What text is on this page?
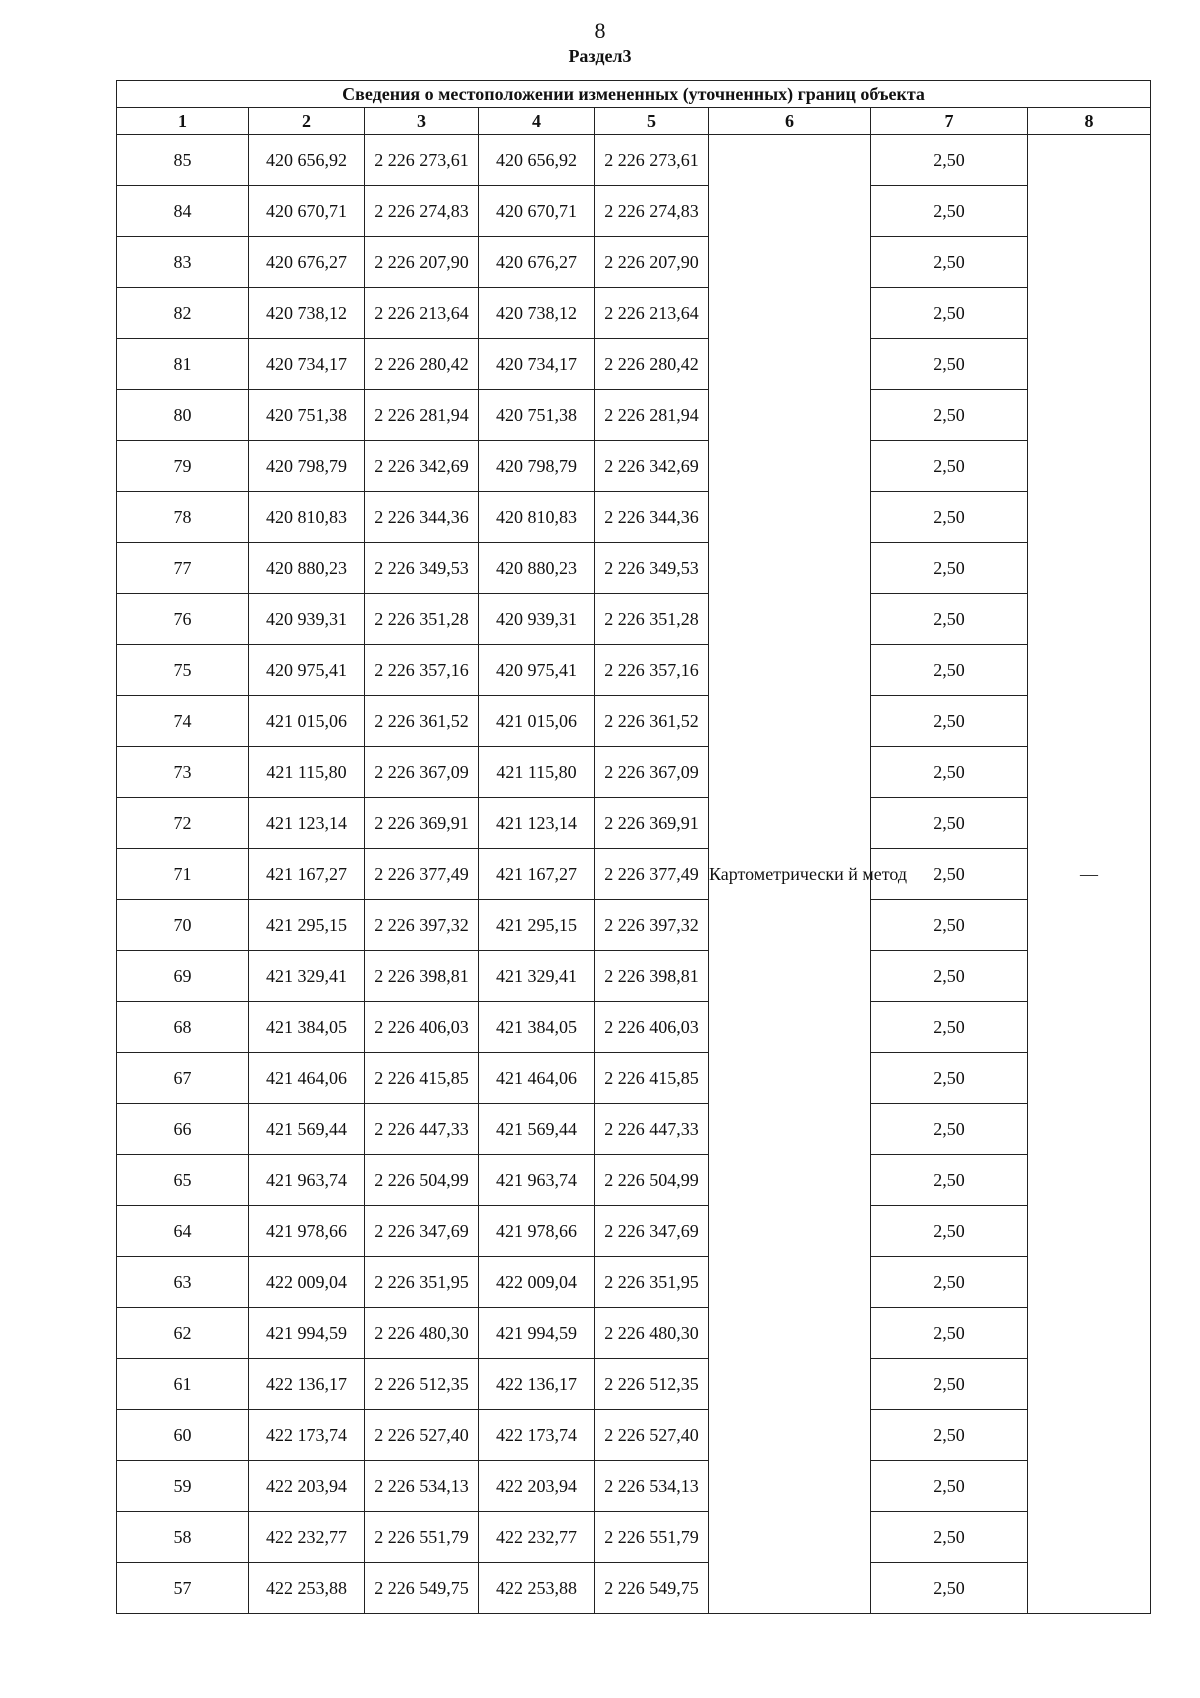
8
Раздел3
Сведения о местоположении измененных (уточненных) границ объекта							
1	2	3	4	5	6	7	8
85	420 656,92	2 226 273,61	420 656,92	2 226 273,61	Картометрически й метод	2,50	—
84	420 670,71	2 226 274,83	420 670,71	2 226 274,83		2,50	
83	420 676,27	2 226 207,90	420 676,27	2 226 207,90		2,50	
82	420 738,12	2 226 213,64	420 738,12	2 226 213,64		2,50	
81	420 734,17	2 226 280,42	420 734,17	2 226 280,42		2,50	
80	420 751,38	2 226 281,94	420 751,38	2 226 281,94		2,50	
79	420 798,79	2 226 342,69	420 798,79	2 226 342,69		2,50	
78	420 810,83	2 226 344,36	420 810,83	2 226 344,36		2,50	
77	420 880,23	2 226 349,53	420 880,23	2 226 349,53		2,50	
76	420 939,31	2 226 351,28	420 939,31	2 226 351,28		2,50	
75	420 975,41	2 226 357,16	420 975,41	2 226 357,16		2,50	
74	421 015,06	2 226 361,52	421 015,06	2 226 361,52		2,50	
73	421 115,80	2 226 367,09	421 115,80	2 226 367,09		2,50	
72	421 123,14	2 226 369,91	421 123,14	2 226 369,91		2,50	
71	421 167,27	2 226 377,49	421 167,27	2 226 377,49		2,50	
70	421 295,15	2 226 397,32	421 295,15	2 226 397,32		2,50	
69	421 329,41	2 226 398,81	421 329,41	2 226 398,81		2,50	
68	421 384,05	2 226 406,03	421 384,05	2 226 406,03		2,50	
67	421 464,06	2 226 415,85	421 464,06	2 226 415,85		2,50	
66	421 569,44	2 226 447,33	421 569,44	2 226 447,33		2,50	
65	421 963,74	2 226 504,99	421 963,74	2 226 504,99		2,50	
64	421 978,66	2 226 347,69	421 978,66	2 226 347,69		2,50	
63	422 009,04	2 226 351,95	422 009,04	2 226 351,95		2,50	
62	421 994,59	2 226 480,30	421 994,59	2 226 480,30		2,50	
61	422 136,17	2 226 512,35	422 136,17	2 226 512,35		2,50	
60	422 173,74	2 226 527,40	422 173,74	2 226 527,40		2,50	
59	422 203,94	2 226 534,13	422 203,94	2 226 534,13		2,50	
58	422 232,77	2 226 551,79	422 232,77	2 226 551,79		2,50	
57	422 253,88	2 226 549,75	422 253,88	2 226 549,75		2,50	
